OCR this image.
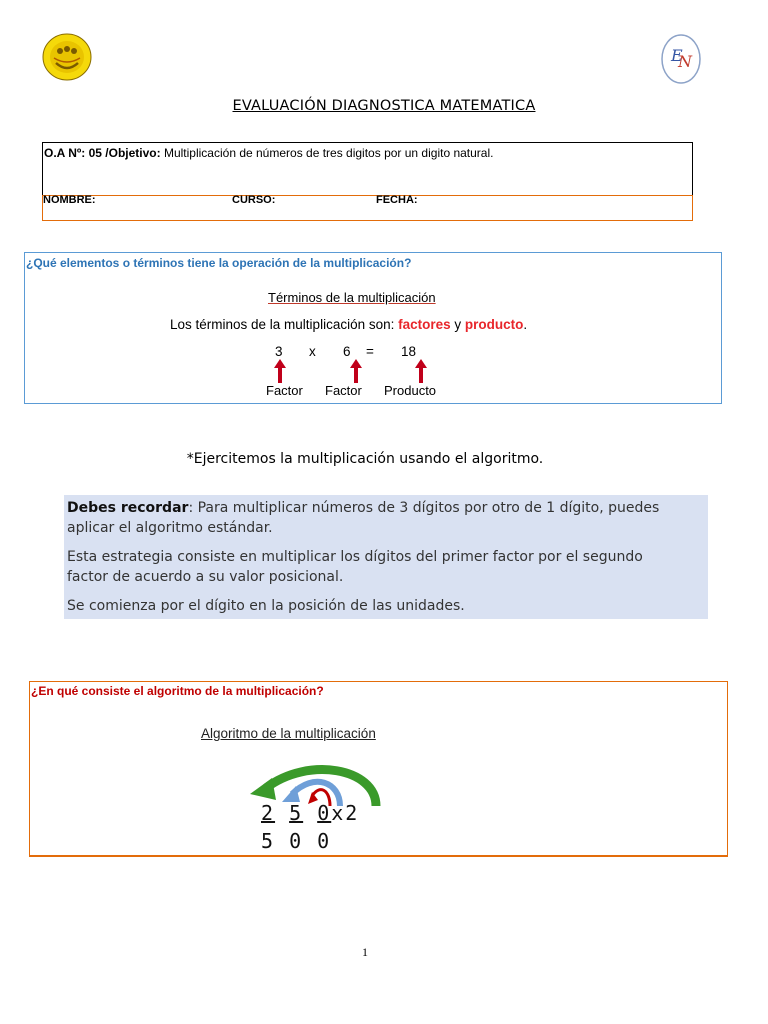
E
N
EVALUACIÓN DIAGNOSTICA MATEMATICA
O.A Nº: 05 /Objetivo: Multiplicación de números de tres digitos por un digito natural.
NOMBRE:	CURSO:	FECHA:
¿Qué elementos o términos tiene la operación de la multiplicación?
Términos de la multiplicación
Los términos de la multiplicación son: factores y producto.
3 x 6 = 18
Factor Factor Producto
*Ejercitemos la multiplicación usando el algoritmo.

Debes recordar: Para multiplicar números de 3 dígitos por otro de 1 dígito, puedes aplicar el algoritmo estándar.

Esta estrategia consiste en multiplicar los dígitos del primer factor por el segundo factor de acuerdo a su valor posicional.

Se comienza por el dígito en la posición de las unidades.

¿En qué consiste el algoritmo de la multiplicación?
Algoritmo de la multiplicación
2 5 0x2
5 0 0
1
